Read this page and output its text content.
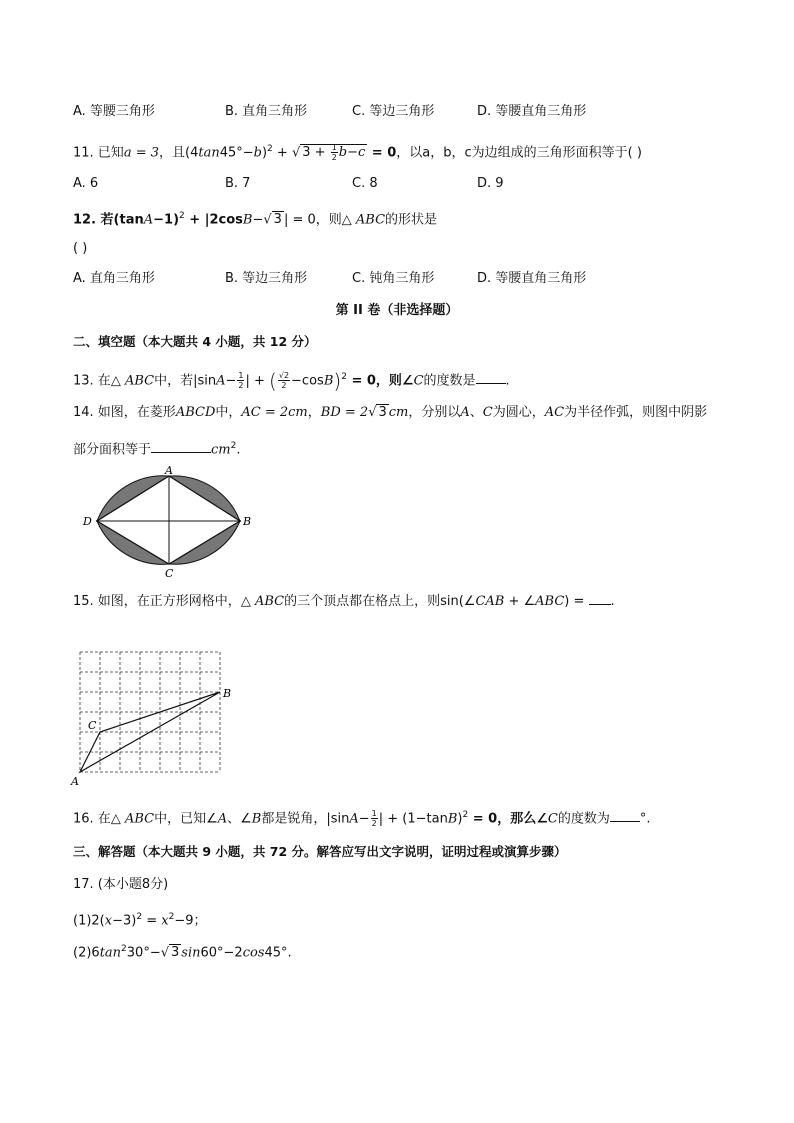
A. 等腰三角形	B. 直角三角形	C. 等边三角形	D. 等腰直角三角形
11. 已知a = 3，且$(4\tan 45^\circ-b)^2$ + √ $3 + \frac{1}{2} b-c = 0$，以a，b，c为边组成的三角形面积等于( )
A. 6	B. 7	C. 8	D. 9
12. 若$(\tan A-1)^2 + |2\cos B-√$ 3 | = 0，则△ ABC的形状是
( )
A. 直角三角形	B. 等边三角形	C. 钝角三角形	D. 等腰直角三角形
第 II 卷（非选择题）
二、填空题（本大题共 4 小题，共 12 分）
13. 在△ ABC中，若$|\sin A- \frac{1}{2}$ | + ( $\frac{√2}{2} -\cos B)^2 = 0$，则∠C的度数是 .
14. 如图，在菱形ABCD中，AC = 2cm，BD = 2√ 3 cm，分别以A、C为圆心，AC为半径作弧，则图中阴影
部分面积等于	$cm^2$.
A
B
C
D
15. 如图，在正方形网格中，△ ABC的三个顶点都在格点上，则sin(∠CAB + ∠ABC) = .
A
B
C
16. 在△ ABC中，已知∠A、∠B都是锐角，$|\sin A- \frac{1}{2}$ | + $(1-\tan B)^2 = 0$，那么∠C的度数为 °.
三、解答题（本大题共 9 小题，共 72 分。解答应写出文字说明，证明过程或演算步骤）
17. (本小题8分)
$(1)2(x-3)^2 = x^2-9$；
$(2)6\tan^230^\circ-√$ 3 sin60°−2cos45°.
